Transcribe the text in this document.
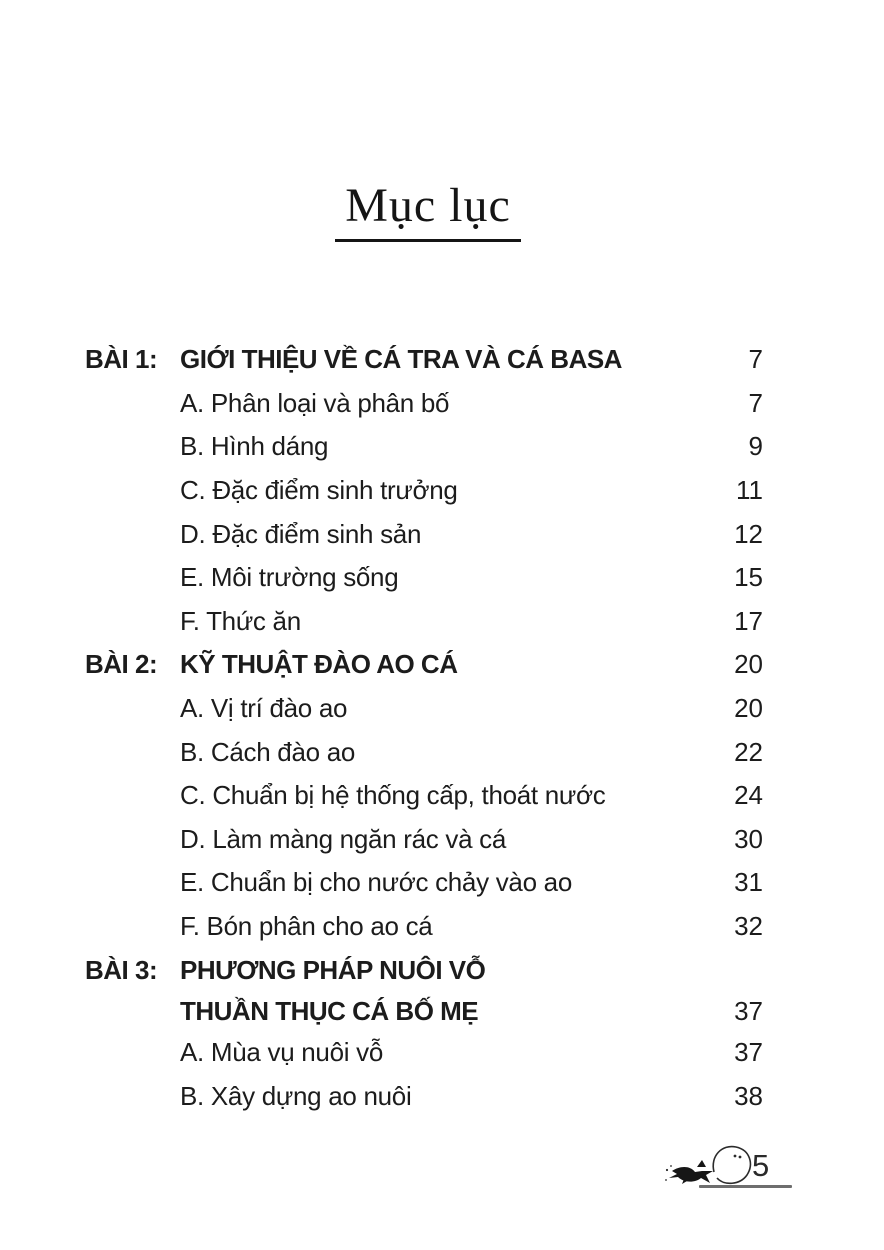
Mục lục
BÀI 1: GIỚI THIỆU VỀ CÁ TRA VÀ CÁ BASA	7
A. Phân loại và phân bố	7
B. Hình dáng	9
C. Đặc điểm sinh trưởng	11
D. Đặc điểm sinh sản	12
E. Môi trường sống	15
F. Thức ăn	17
BÀI 2: KỸ THUẬT ĐÀO AO CÁ	20
A. Vị trí đào ao	20
B. Cách đào ao	22
C. Chuẩn bị hệ thống cấp, thoát nước	24
D. Làm màng ngăn rác và cá	30
E. Chuẩn bị cho nước chảy vào ao	31
F. Bón phân cho ao cá	32
BÀI 3: PHƯƠNG PHÁP NUÔI VỖ
THUẦN THỤC CÁ BỐ MẸ	37
A. Mùa vụ nuôi vỗ	37
B. Xây dựng ao nuôi	38
5
